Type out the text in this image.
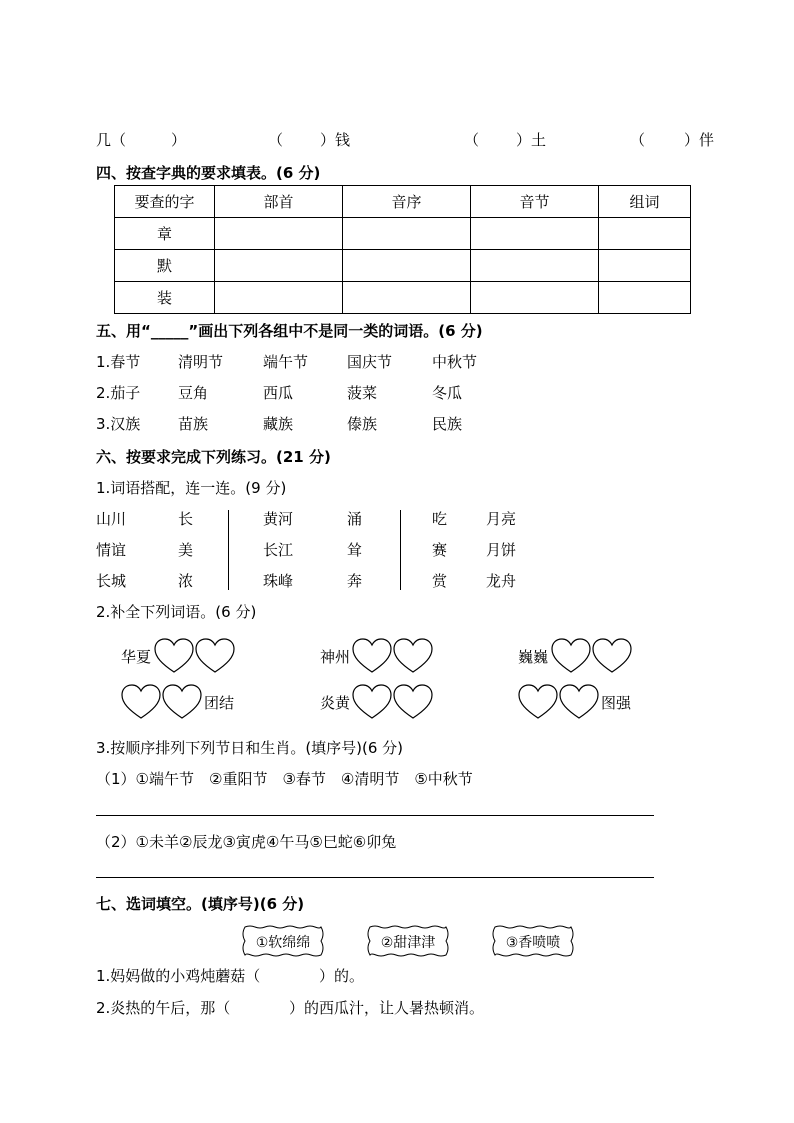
几（	）	（ ）钱	（ ）土	（	）伴
四、按查字典的要求填表。(6 分)
要查的字	部首	音序	音节	组词
章				
默				
装				
五、用“_____”画出下列各组中不是同一类的词语。(6 分)
1.春节	清明节	端午节	国庆节	中秋节
2.茄子	豆角	西瓜	菠菜	冬瓜
3.汉族	苗族	藏族	傣族	民族
六、按要求完成下列练习。(21 分)
1.词语搭配，连一连。(9 分)
山川	长	黄河	涌	吃	月亮
情谊	美	长江	耸	赛	月饼
长城	浓	珠峰	奔	赏	龙舟
2.补全下列词语。(6 分)
华夏	神州	巍巍
团结	炎黄	图强
3.按顺序排列下列节日和生肖。(填序号)(6 分)
（1）①端午节　②重阳节　③春节　④清明节　⑤中秋节
（2）①未羊②辰龙③寅虎④午马⑤巳蛇⑥卯兔
七、选词填空。(填序号)(6 分)
①软绵绵	②甜津津	③香喷喷
1.妈妈做的小鸡炖蘑菇（	）的。
2.炎热的午后，那（	）的西瓜汁，让人暑热顿消。
